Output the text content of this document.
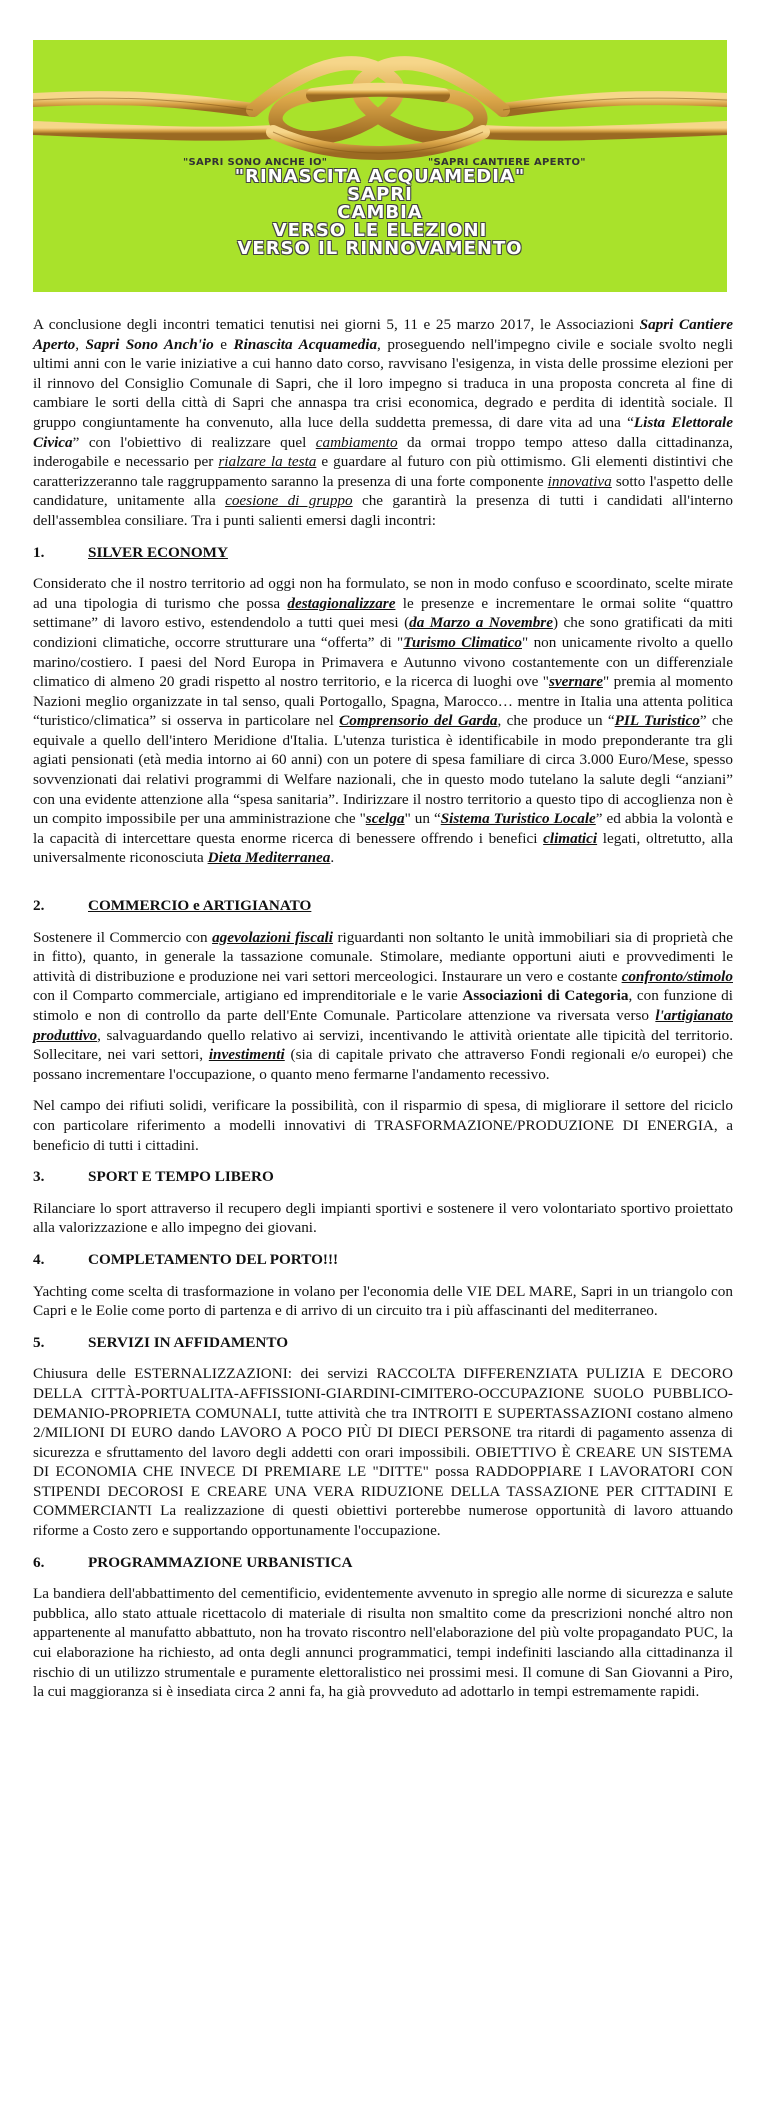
"SAPRI SONO ANCHE IO"	"SAPRI CANTIERE APERTO"
"RINASCITA ACQUAMEDIA"
SAPRI
CAMBIA
VERSO LE ELEZIONI
VERSO IL RINNOVAMENTO

A conclusione degli incontri tematici tenutisi nei giorni 5, 11 e 25 marzo 2017, le Associazioni Sapri Cantiere Aperto, Sapri Sono Anch'io e Rinascita Acquamedia, proseguendo nell'impegno civile e sociale svolto negli ultimi anni con le varie iniziative a cui hanno dato corso, ravvisano l'esigenza, in vista delle prossime elezioni per il rinnovo del Consiglio Comunale di Sapri, che il loro impegno si traduca in una proposta concreta al fine di cambiare le sorti della città di Sapri che annaspa tra crisi economica, degrado e perdita di identità sociale. Il gruppo congiuntamente ha convenuto, alla luce della suddetta premessa, di dare vita ad una “Lista Elettorale Civica” con l'obiettivo di realizzare quel cambiamento da ormai troppo tempo atteso dalla cittadinanza, inderogabile e necessario per rialzare la testa e guardare al futuro con più ottimismo. Gli elementi distintivi che caratterizzeranno tale raggruppamento saranno la presenza di una forte componente innovativa sotto l'aspetto delle candidature, unitamente alla coesione di gruppo che garantirà la presenza di tutti i candidati all'interno dell'assemblea consiliare. Tra i punti salienti emersi dagli incontri:

1.	SILVER ECONOMY

Considerato che il nostro territorio ad oggi non ha formulato, se non in modo confuso e scoordinato, scelte mirate ad una tipologia di turismo che possa destagionalizzare le presenze e incrementare le ormai solite “quattro settimane” di lavoro estivo, estendendolo a tutti quei mesi (da Marzo a Novembre) che sono gratificati da miti condizioni climatiche, occorre strutturare una “offerta” di "Turismo Climatico" non unicamente rivolto a quello marino/costiero. I paesi del Nord Europa in Primavera e Autunno vivono costantemente con un differenziale climatico di almeno 20 gradi rispetto al nostro territorio, e la ricerca di luoghi ove "svernare" premia al momento Nazioni meglio organizzate in tal senso, quali Portogallo, Spagna, Marocco… mentre in Italia una attenta politica “turistico/climatica” si osserva in particolare nel Comprensorio del Garda, che produce un “PIL Turistico” che equivale a quello dell'intero Meridione d'Italia. L'utenza turistica è identificabile in modo preponderante tra gli agiati pensionati (età media intorno ai 60 anni) con un potere di spesa familiare di circa 3.000 Euro/Mese, spesso sovvenzionati dai relativi programmi di Welfare nazionali, che in questo modo tutelano la salute degli “anziani” con una evidente attenzione alla “spesa sanitaria”. Indirizzare il nostro territorio a questo tipo di accoglienza non è un compito impossibile per una amministrazione che "scelga" un “Sistema Turistico Locale” ed abbia la volontà e la capacità di intercettare questa enorme ricerca di benessere offrendo i benefici climatici legati, oltretutto, alla universalmente riconosciuta Dieta Mediterranea.

2.	COMMERCIO e ARTIGIANATO

Sostenere il Commercio con agevolazioni fiscali riguardanti non soltanto le unità immobiliari sia di proprietà che in fitto), quanto, in generale la tassazione comunale. Stimolare, mediante opportuni aiuti e provvedimenti le attività di distribuzione e produzione nei vari settori merceologici. Instaurare un vero e costante confronto/stimolo con il Comparto commerciale, artigiano ed imprenditoriale e le varie Associazioni di Categoria, con funzione di stimolo e non di controllo da parte dell'Ente Comunale. Particolare attenzione va riversata verso l'artigianato produttivo, salvaguardando quello relativo ai servizi, incentivando le attività orientate alle tipicità del territorio. Sollecitare, nei vari settori, investimenti (sia di capitale privato che attraverso Fondi regionali e/o europei) che possano incrementare l'occupazione, o quanto meno fermarne l'andamento recessivo.

Nel campo dei rifiuti solidi, verificare la possibilità, con il risparmio di spesa, di migliorare il settore del riciclo con particolare riferimento a modelli innovativi di TRASFORMAZIONE/PRODUZIONE DI ENERGIA, a beneficio di tutti i cittadini.

3.	SPORT E TEMPO LIBERO

Rilanciare lo sport attraverso il recupero degli impianti sportivi e sostenere il vero volontariato sportivo proiettato alla valorizzazione e allo impegno dei giovani.

4.	COMPLETAMENTO DEL PORTO!!!

Yachting come scelta di trasformazione in volano per l'economia delle VIE DEL MARE, Sapri in un triangolo con Capri e le Eolie come porto di partenza e di arrivo di un circuito tra i più affascinanti del mediterraneo.

5.	SERVIZI IN AFFIDAMENTO

Chiusura delle ESTERNALIZZAZIONI: dei servizi RACCOLTA DIFFERENZIATA PULIZIA E DECORO DELLA CITTÀ-PORTUALITA-AFFISSIONI-GIARDINI-CIMITERO-OCCUPAZIONE SUOLO PUBBLICO-DEMANIO-PROPRIETA COMUNALI, tutte attività che tra INTROITI E SUPERTASSAZIONI costano almeno 2/MILIONI DI EURO dando LAVORO A POCO PIÙ DI DIECI PERSONE tra ritardi di pagamento assenza di sicurezza e sfruttamento del lavoro degli addetti con orari impossibili. OBIETTIVO È CREARE UN SISTEMA DI ECONOMIA CHE INVECE DI PREMIARE LE "DITTE" possa RADDOPPIARE I LAVORATORI CON STIPENDI DECOROSI E CREARE UNA VERA RIDUZIONE DELLA TASSAZIONE PER CITTADINI E COMMERCIANTI La realizzazione di questi obiettivi porterebbe numerose opportunità di lavoro attuando riforme a Costo zero e supportando opportunamente l'occupazione.

6.	PROGRAMMAZIONE URBANISTICA

La bandiera dell'abbattimento del cementificio, evidentemente avvenuto in spregio alle norme di sicurezza e salute pubblica, allo stato attuale ricettacolo di materiale di risulta non smaltito come da prescrizioni nonché altro non appartenente al manufatto abbattuto, non ha trovato riscontro nell'elaborazione del più volte propagandato PUC, la cui elaborazione ha richiesto, ad onta degli annunci programmatici, tempi indefiniti lasciando alla cittadinanza il rischio di un utilizzo strumentale e puramente elettoralistico nei prossimi mesi. Il comune di San Giovanni a Piro, la cui maggioranza si è insediata circa 2 anni fa, ha già provveduto ad adottarlo in tempi estremamente rapidi.
